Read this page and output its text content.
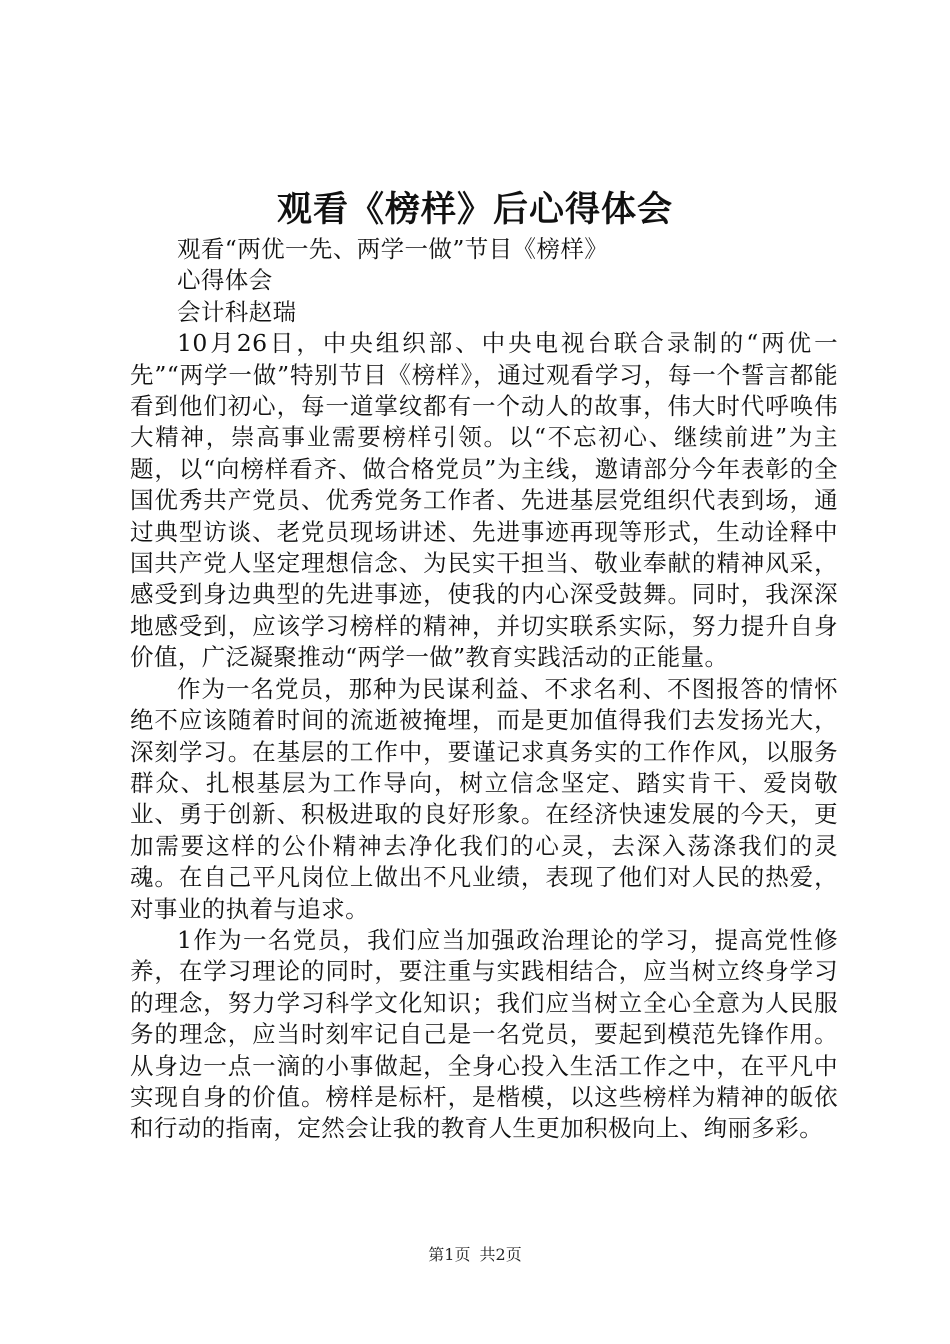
观看《榜样》后心得体会

观看“两优一先、两学一做”节目《榜样》

心得体会

会计科赵瑞

10月26日，中央组织部、中央电视台联合录制的“两优一先”“两学一做”特别节目《榜样》，通过观看学习，每一个誓言都能看到他们初心，每一道掌纹都有一个动人的故事，伟大时代呼唤伟大精神，崇高事业需要榜样引领。以“不忘初心、继续前进”为主题，以“向榜样看齐、做合格党员”为主线，邀请部分今年表彰的全国优秀共产党员、优秀党务工作者、先进基层党组织代表到场，通过典型访谈、老党员现场讲述、先进事迹再现等形式，生动诠释中国共产党人坚定理想信念、为民实干担当、敬业奉献的精神风采，感受到身边典型的先进事迹，使我的内心深受鼓舞。同时，我深深地感受到，应该学习榜样的精神，并切实联系实际，努力提升自身价值，广泛凝聚推动“两学一做”教育实践活动的正能量。

作为一名党员，那种为民谋利益、不求名利、不图报答的情怀绝不应该随着时间的流逝被掩埋，而是更加值得我们去发扬光大，深刻学习。在基层的工作中，要谨记求真务实的工作作风，以服务群众、扎根基层为工作导向，树立信念坚定、踏实肯干、爱岗敬业、勇于创新、积极进取的良好形象。在经济快速发展的今天，更加需要这样的公仆精神去净化我们的心灵，去深入荡涤我们的灵魂。在自己平凡岗位上做出不凡业绩，表现了他们对人民的热爱，对事业的执着与追求。

1作为一名党员，我们应当加强政治理论的学习，提高党性修养，在学习理论的同时，要注重与实践相结合，应当树立终身学习的理念，努力学习科学文化知识；我们应当树立全心全意为人民服务的理念，应当时刻牢记自己是一名党员，要起到模范先锋作用。从身边一点一滴的小事做起，全身心投入生活工作之中，在平凡中实现自身的价值。榜样是标杆，是楷模，以这些榜样为精神的皈依和行动的指南，定然会让我的教育人生更加积极向上、绚丽多彩。

第1页 共2页
